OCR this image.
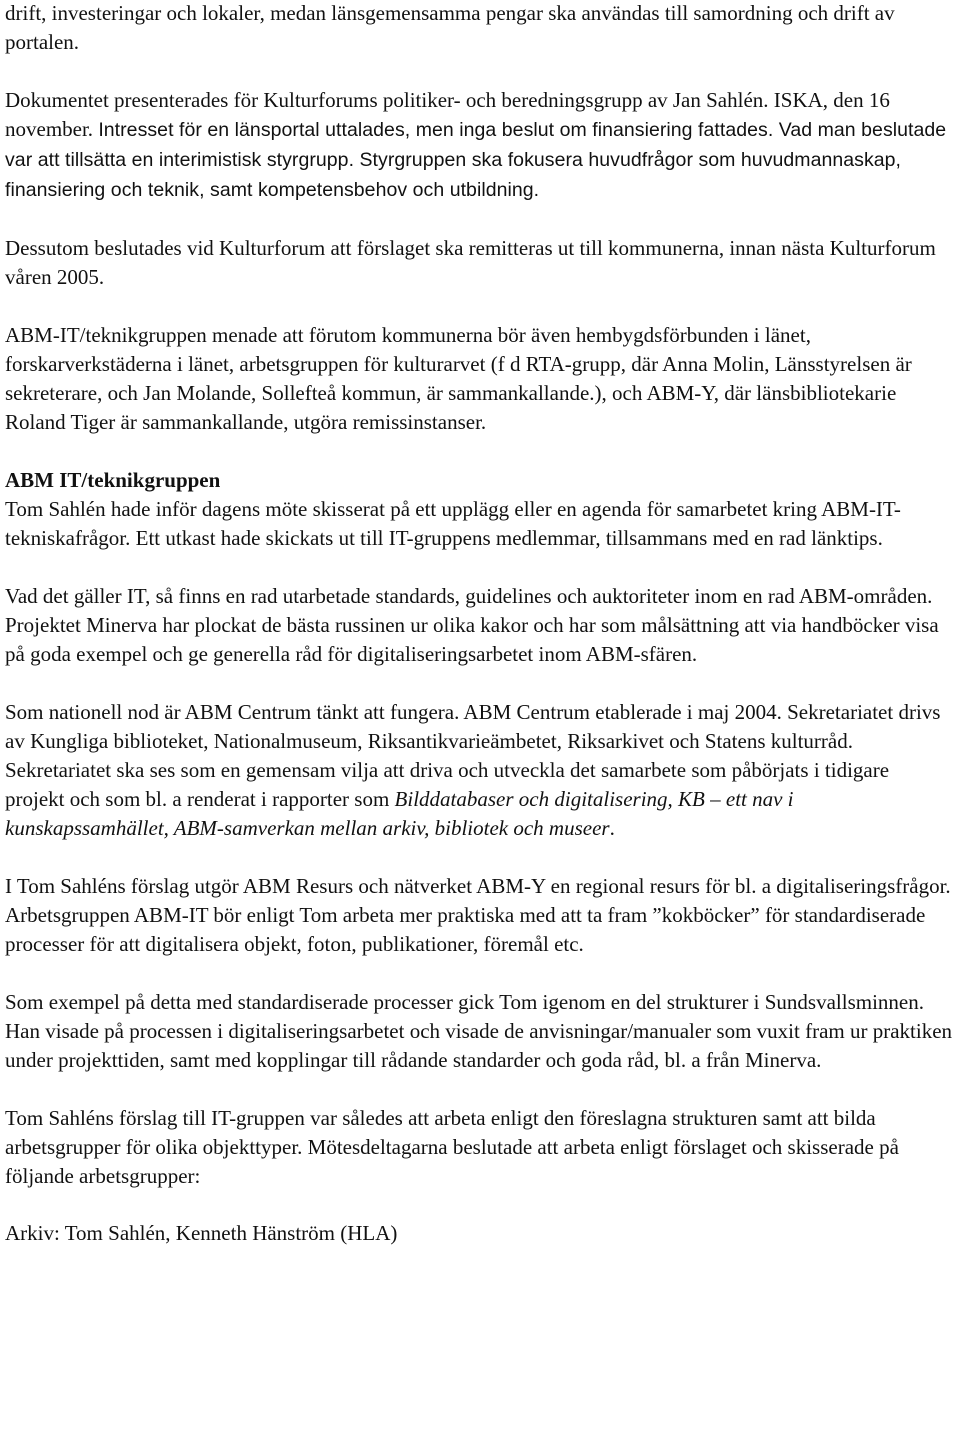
drift, investeringar och lokaler, medan länsgemensamma pengar ska användas till samordning och drift av portalen.

Dokumentet presenterades för Kulturforums politiker- och beredningsgrupp av Jan Sahlén. ISKA, den 16 november. Intresset för en länsportal uttalades, men inga beslut om finansiering fattades. Vad man beslutade var att tillsätta en interimistisk styrgrupp. Styrgruppen ska fokusera huvudfrågor som huvudmannaskap, finansiering och teknik, samt kompetensbehov och utbildning.

Dessutom beslutades vid Kulturforum att förslaget ska remitteras ut till kommunerna, innan nästa Kulturforum våren 2005.

ABM-IT/teknikgruppen menade att förutom kommunerna bör även hembygdsförbunden i länet, forskarverkstäderna i länet, arbetsgruppen för kulturarvet (f d RTA-grupp, där Anna Molin, Länsstyrelsen är sekreterare, och Jan Molande, Sollefteå kommun, är sammankallande.), och ABM-Y, där länsbibliotekarie Roland Tiger är sammankallande, utgöra remissinstanser.

ABM IT/teknikgruppen

Tom Sahlén hade inför dagens möte skisserat på ett upplägg eller en agenda för samarbetet kring ABM-IT-tekniskafrågor. Ett utkast hade skickats ut till IT-gruppens medlemmar, tillsammans med en rad länktips.

Vad det gäller IT, så finns en rad utarbetade standards, guidelines och auktoriteter inom en rad ABM-områden. Projektet Minerva har plockat de bästa russinen ur olika kakor och har som målsättning att via handböcker visa på goda exempel och ge generella råd för digitaliseringsarbetet inom ABM-sfären.

Som nationell nod är ABM Centrum tänkt att fungera. ABM Centrum etablerade i maj 2004. Sekretariatet drivs av Kungliga biblioteket, Nationalmuseum, Riksantikvarieämbetet, Riksarkivet och Statens kulturråd. Sekretariatet ska ses som en gemensam vilja att driva och utveckla det samarbete som påbörjats i tidigare projekt och som bl. a renderat i rapporter som Bilddatabaser och digitalisering, KB – ett nav i kunskapssamhället, ABM-samverkan mellan arkiv, bibliotek och museer.

I Tom Sahléns förslag utgör ABM Resurs och nätverket ABM-Y en regional resurs för bl. a digitaliseringsfrågor. Arbetsgruppen ABM-IT bör enligt Tom arbeta mer praktiska med att ta fram ”kokböcker” för standardiserade processer för att digitalisera objekt, foton, publikationer, föremål etc.

Som exempel på detta med standardiserade processer gick Tom igenom en del strukturer i Sundsvallsminnen. Han visade på processen i digitaliseringsarbetet och visade de anvisningar/manualer som vuxit fram ur praktiken under projekttiden, samt med kopplingar till rådande standarder och goda råd, bl. a från Minerva.

Tom Sahléns förslag till IT-gruppen var således att arbeta enligt den föreslagna strukturen samt att bilda arbetsgrupper för olika objekttyper. Mötesdeltagarna beslutade att arbeta enligt förslaget och skisserade på följande arbetsgrupper:

Arkiv: Tom Sahlén, Kenneth Hänström (HLA)
